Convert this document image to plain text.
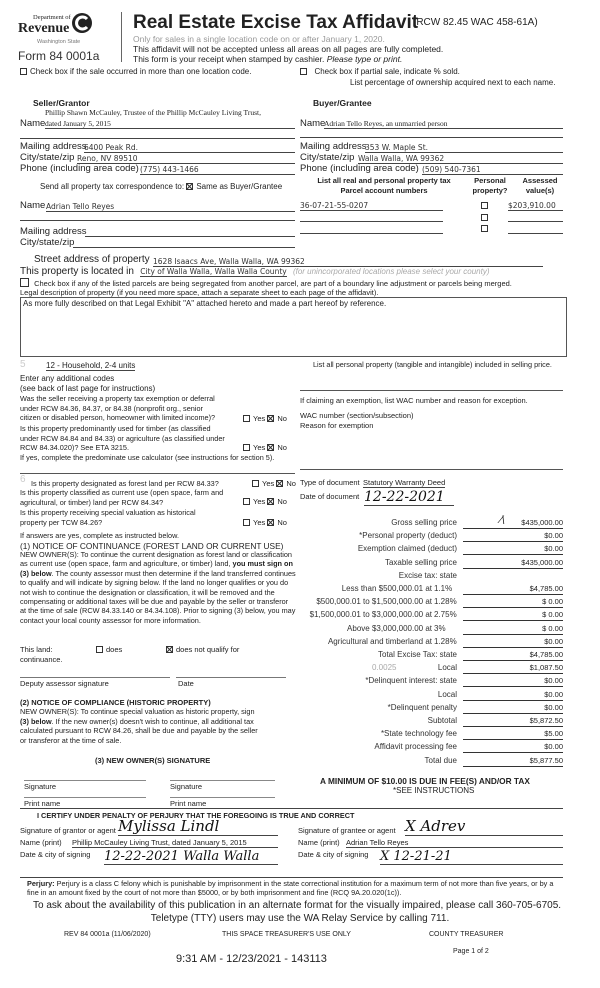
Department of
Revenue
Washington State
Form 84 0001a
Real Estate Excise Tax Affidavit
(RCW 82.45 WAC 458-61A)
Only for sales in a single location code on or after January 1, 2020.
This affidavit will not be accepted unless all areas on all pages are fully completed.
This form is your receipt when stamped by cashier. Please type or print.
Check box if the sale occurred in more than one location code.	Check box if partial sale, indicate % sold.
List percentage of ownership acquired next to each name.
Seller/Grantor
Phillip Shawn McCauley, Trustee of the Phillip McCauley Living Trust,
Name dated January 5, 2015
Mailing address
6400 Peak Rd.
City/state/zip Reno, NV 89510
Phone (including area code) (775) 443-1466
Buyer/Grantee
Name
Adrian Tello Reyes, an unmarried person
Mailing address
353 W. Maple St.
City/state/zip Walla Walla, WA 99362
Phone (including area code) (509) 540-7361
Send all property tax correspondence to: Same as Buyer/Grantee
Name Adrian Tello Reyes
Mailing address
City/state/zip
List all real and personal property tax
Parcel account numbers
Personal
property?
Assessed
value(s)
36-07-21-55-0207	$203,910.00
Street address of property 1628 Isaacs Ave, Walla Walla, WA 99362
This property is located in City of Walla Walla, Walla Walla County (for unincorporated locations please select your county)
Check box if any of the listed parcels are being segregated from another parcel, are part of a boundary line adjustment or parcels being merged.
Legal description of property (if you need more space, attach a separate sheet to each page of the affidavit).
As more fully described on that Legal Exhibit "A" attached hereto and made a part hereof by reference.
5	12 - Household, 2-4 units
Enter any additional codes
(see back of last page for instructions)
Was the seller receiving a property tax exemption or deferral under RCW 84.36, 84.37, or 84.38 (nonprofit org., senior citizen or disabled person, homeowner with limited income)?	Yes No
Is this property predominantly used for timber (as classified under RCW 84.84 and 84.33) or agriculture (as classified under RCW 84.34.020)? See ETA 3215.	Yes No
If yes, complete the predominate use calculator (see instructions for section 5).
6 Is this property designated as forest land per RCW 84.33?	Yes No
Is this property classified as current use (open space, farm and agricultural, or timber) land per RCW 84.34?	Yes No
Is this property receiving special valuation as historical property per TCW 84.26?	Yes No
If answers are yes, complete as instructed below.
(1) NOTICE OF CONTINUANCE (FOREST LAND OR CURRENT USE)
NEW OWNER(S): To continue the current designation as forest land or classification as current use (open space, farm and agriculture, or timber) land, you must sign on (3) below. The county assessor must then determine if the land transferred continues to qualify and will indicate by signing below. If the land no longer qualifies or you do not wish to continue the designation or classification, it will be removed and the compensating or additional taxes will be due and payable by the seller or transferor at the time of sale (RCW 84.33.140 or 84.34.108). Prior to signing (3) below, you may contact your local county assessor for more information.
This land:
continuance.
does	does not qualify for
Deputy assessor signature	Date
(2) NOTICE OF COMPLIANCE (HISTORIC PROPERTY)
NEW OWNER(S): To continue special valuation as historic property, sign (3) below. If the new owner(s) doesn't wish to continue, all additional tax calculated pursuant to RCW 84.26, shall be due and payable by the seller or transferor at the time of sale.
(3) NEW OWNER(S) SIGNATURE
Signature	Signature
Print name	Print name
List all personal property (tangible and intangible) included in selling price.
If claiming an exemption, list WAC number and reason for exception.
WAC number (section/subsection)
Reason for exemption
Type of document Statutory Warranty Deed
Date of document 12-22-2021
Gross selling price	$435,000.00
⁄\
*Personal property (deduct)	$0.00
Exemption claimed (deduct)	$0.00
Taxable selling price	$435,000.00
Excise tax: state
Less than $500,000.01 at 1.1%	$4,785.00
$500,000.01 to $1,500,000.00 at 1.28%	$ 0.00
$1,500,000.01 to $3,000,000.00 at 2.75%	$ 0.00
Above $3,000,000.00 at 3%	$ 0.00
Agricultural and timberland at 1.28%	$0.00
Total Excise Tax: state	$4,785.00
Local
0.0025	$1,087.50
*Delinquent interest: state	$0.00
Local	$0.00
*Delinquent penalty	$0.00
Subtotal	$5,872.50
*State technology fee	$5.00
Affidavit processing fee	$0.00
Total due	$5,877.50
A MINIMUM OF $10.00 IS DUE IN FEE(S) AND/OR TAX
*SEE INSTRUCTIONS
I CERTIFY UNDER PENALTY OF PERJURY THAT THE FOREGOING IS TRUE AND CORRECT
Signature of grantor or agent Mylissa Lindl
Name (print) Phillip McCauley Living Trust, dated January 5, 2015
Date & city of signing 12-22-2021 Walla Walla
Signature of grantee or agent X Adrev
Name (print) Adrian Tello Reyes
Date & city of signing X 12-21-21
Perjury: Perjury is a class C felony which is punishable by imprisonment in the state correctional institution for a maximum term of not more than five years, or by a fine in an amount fixed by the court of not more than $5000, or by both imprisonment and fine (RCQ 9A.20.020(1c)).
To ask about the availability of this publication in an alternate format for the visually impaired, please call 360-705-6705.
Teletype (TTY) users may use the WA Relay Service by calling 711.
REV 84 0001a (11/06/2020)	THIS SPACE TREASURER'S USE ONLY	COUNTY TREASURER
9:31 AM - 12/23/2021 - 143113
Page 1 of 2
